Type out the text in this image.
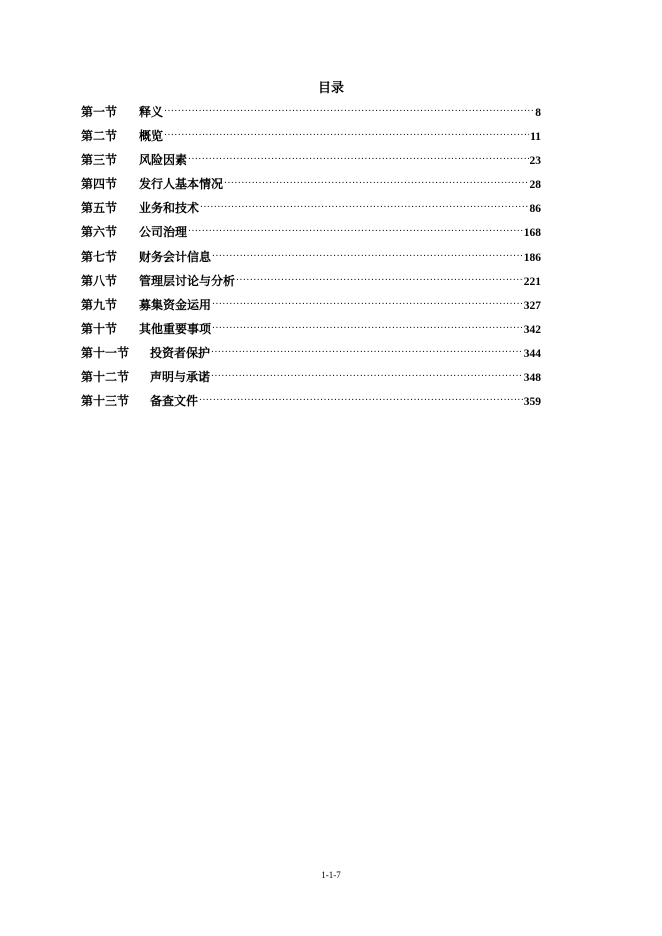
目录
第一节	释义 .....	8
第二节	概览 .....	11
第三节	风险因素 .....	23
第四节	发行人基本情况 .....	28
第五节	业务和技术 .....	86
第六节	公司治理 .....	168
第七节	财务会计信息 .....	186
第八节	管理层讨论与分析 .....	221
第九节	募集资金运用 .....	327
第十节	其他重要事项 .....	342
第十一节	投资者保护 .....	344
第十二节	声明与承诺 .....	348
第十三节	备查文件 .....	359
1-1-7
